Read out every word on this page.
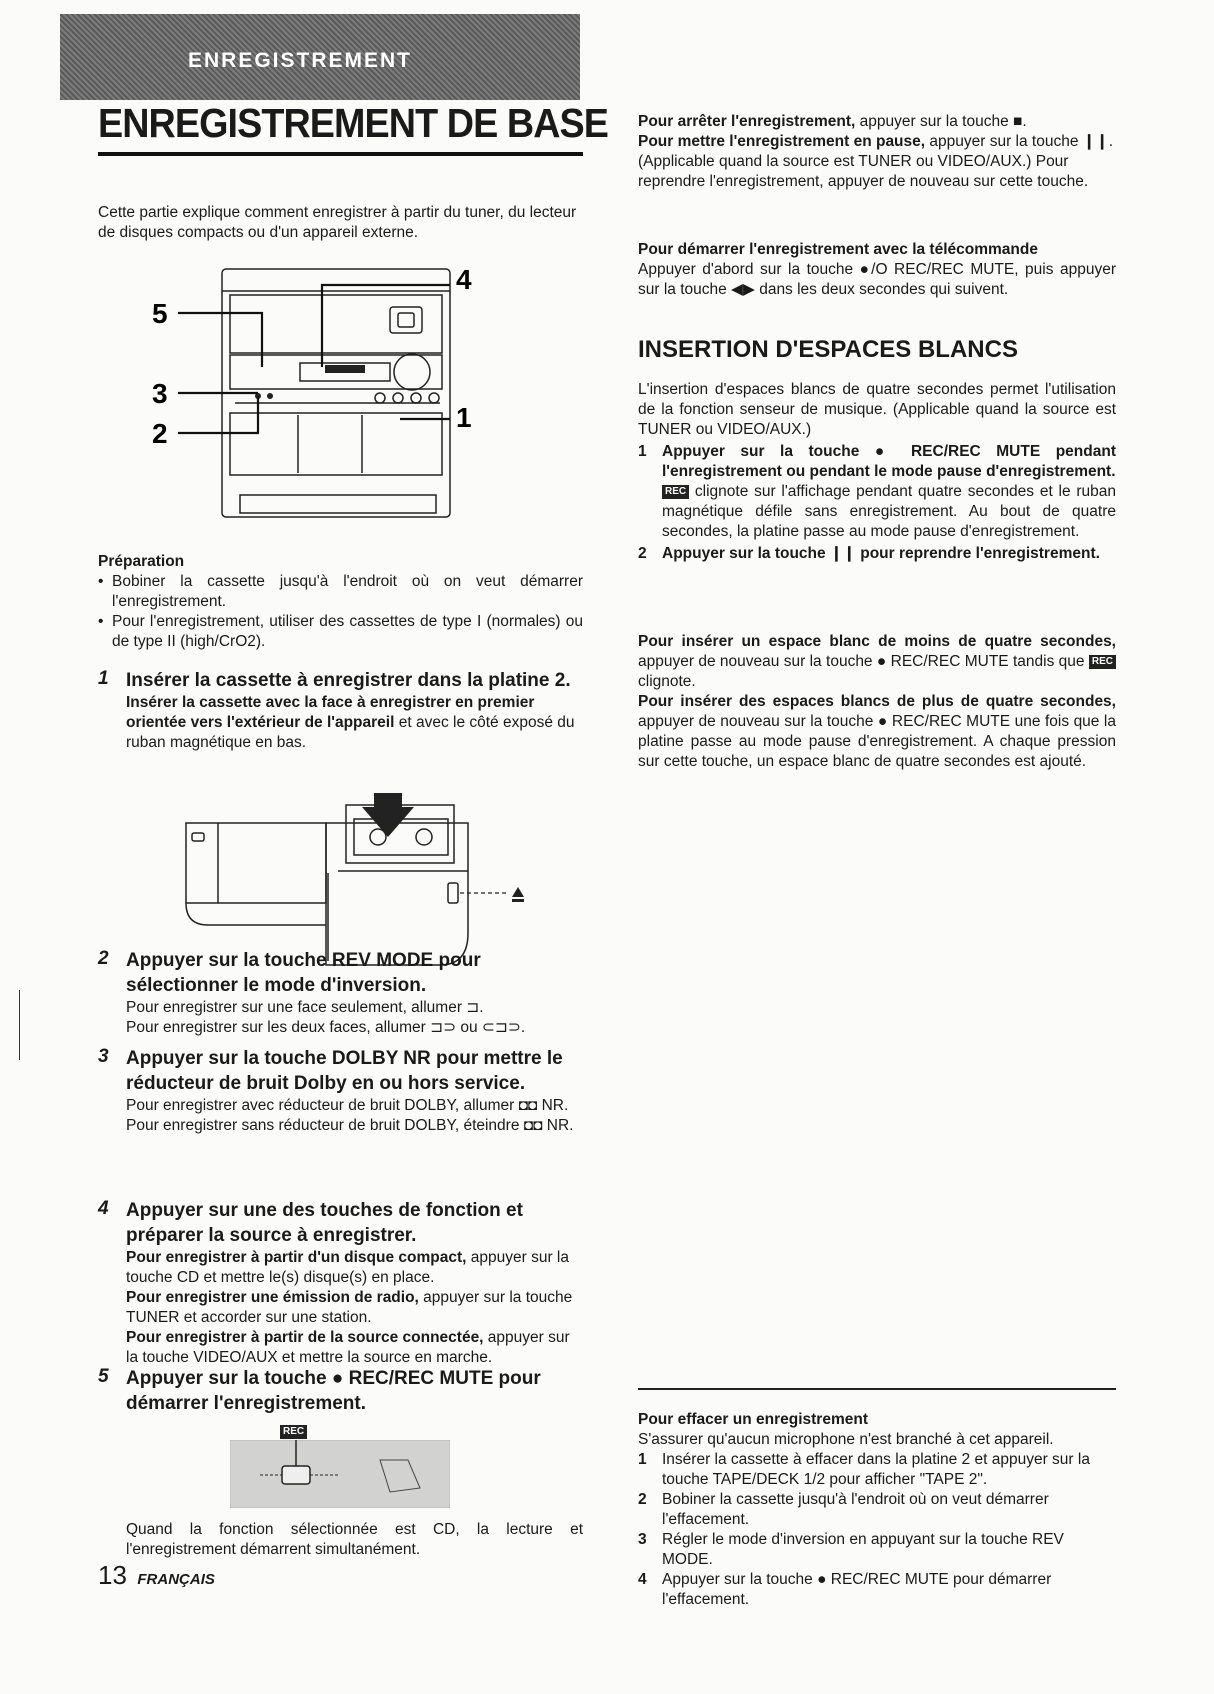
ENREGISTREMENT
ENREGISTREMENT DE BASE

Cette partie explique comment enregistrer à partir du tuner, du lecteur de disques compacts ou d'un appareil externe.

5
4
3
2
1
Préparation
• Bobiner la cassette jusqu'à l'endroit où on veut démarrer l'enregistrement.
• Pour l'enregistrement, utiliser des cassettes de type I (normales) ou de type II (high/CrO2).
1 Insérer la cassette à enregistrer dans la platine 2.

Insérer la cassette avec la face à enregistrer en premier orientée vers l'extérieur de l'appareil et avec le côté exposé du ruban magnétique en bas.

2 Appuyer sur la touche REV MODE pour sélectionner le mode d'inversion.

Pour enregistrer sur une face seulement, allumer ⊐.

Pour enregistrer sur les deux faces, allumer ⊐⊃ ou ⊂⊐⊃.

3 Appuyer sur la touche DOLBY NR pour mettre le réducteur de bruit Dolby en ou hors service.

Pour enregistrer avec réducteur de bruit DOLBY, allumer ◘◘ NR.

Pour enregistrer sans réducteur de bruit DOLBY, éteindre ◘◘ NR.

4 Appuyer sur une des touches de fonction et préparer la source à enregistrer.

Pour enregistrer à partir d'un disque compact, appuyer sur la touche CD et mettre le(s) disque(s) en place.

Pour enregistrer une émission de radio, appuyer sur la touche TUNER et accorder sur une station.

Pour enregistrer à partir de la source connectée, appuyer sur la touche VIDEO/AUX et mettre la source en marche.

5 Appuyer sur la touche ● REC/REC MUTE pour démarrer l'enregistrement.
REC

Quand la fonction sélectionnée est CD, la lecture et l'enregistrement démarrent simultanément.

13 FRANÇAIS

Pour arrêter l'enregistrement, appuyer sur la touche ■.

Pour mettre l'enregistrement en pause, appuyer sur la touche ❙❙. (Applicable quand la source est TUNER ou VIDEO/AUX.) Pour reprendre l'enregistrement, appuyer de nouveau sur cette touche.

Pour démarrer l'enregistrement avec la télécommande

Appuyer d'abord sur la touche ●/O REC/REC MUTE, puis appuyer sur la touche ◀▶ dans les deux secondes qui suivent.

INSERTION D'ESPACES BLANCS

L'insertion d'espaces blancs de quatre secondes permet l'utilisation de la fonction senseur de musique. (Applicable quand la source est TUNER ou VIDEO/AUX.)

1 Appuyer sur la touche ● REC/REC MUTE pendant l'enregistrement ou pendant le mode pause d'enregistrement.

REC clignote sur l'affichage pendant quatre secondes et le ruban magnétique défile sans enregistrement. Au bout de quatre secondes, la platine passe au mode pause d'enregistrement.

2 Appuyer sur la touche ❙❙ pour reprendre l'enregistrement.

Pour insérer un espace blanc de moins de quatre secondes, appuyer de nouveau sur la touche ● REC/REC MUTE tandis que REC clignote.

Pour insérer des espaces blancs de plus de quatre secondes, appuyer de nouveau sur la touche ● REC/REC MUTE une fois que la platine passe au mode pause d'enregistrement. A chaque pression sur cette touche, un espace blanc de quatre secondes est ajouté.

Pour effacer un enregistrement

S'assurer qu'aucun microphone n'est branché à cet appareil.

1 Insérer la cassette à effacer dans la platine 2 et appuyer sur la touche TAPE/DECK 1/2 pour afficher "TAPE 2".
2 Bobiner la cassette jusqu'à l'endroit où on veut démarrer l'effacement.
3 Régler le mode d'inversion en appuyant sur la touche REV MODE.
4 Appuyer sur la touche ● REC/REC MUTE pour démarrer l'effacement.
